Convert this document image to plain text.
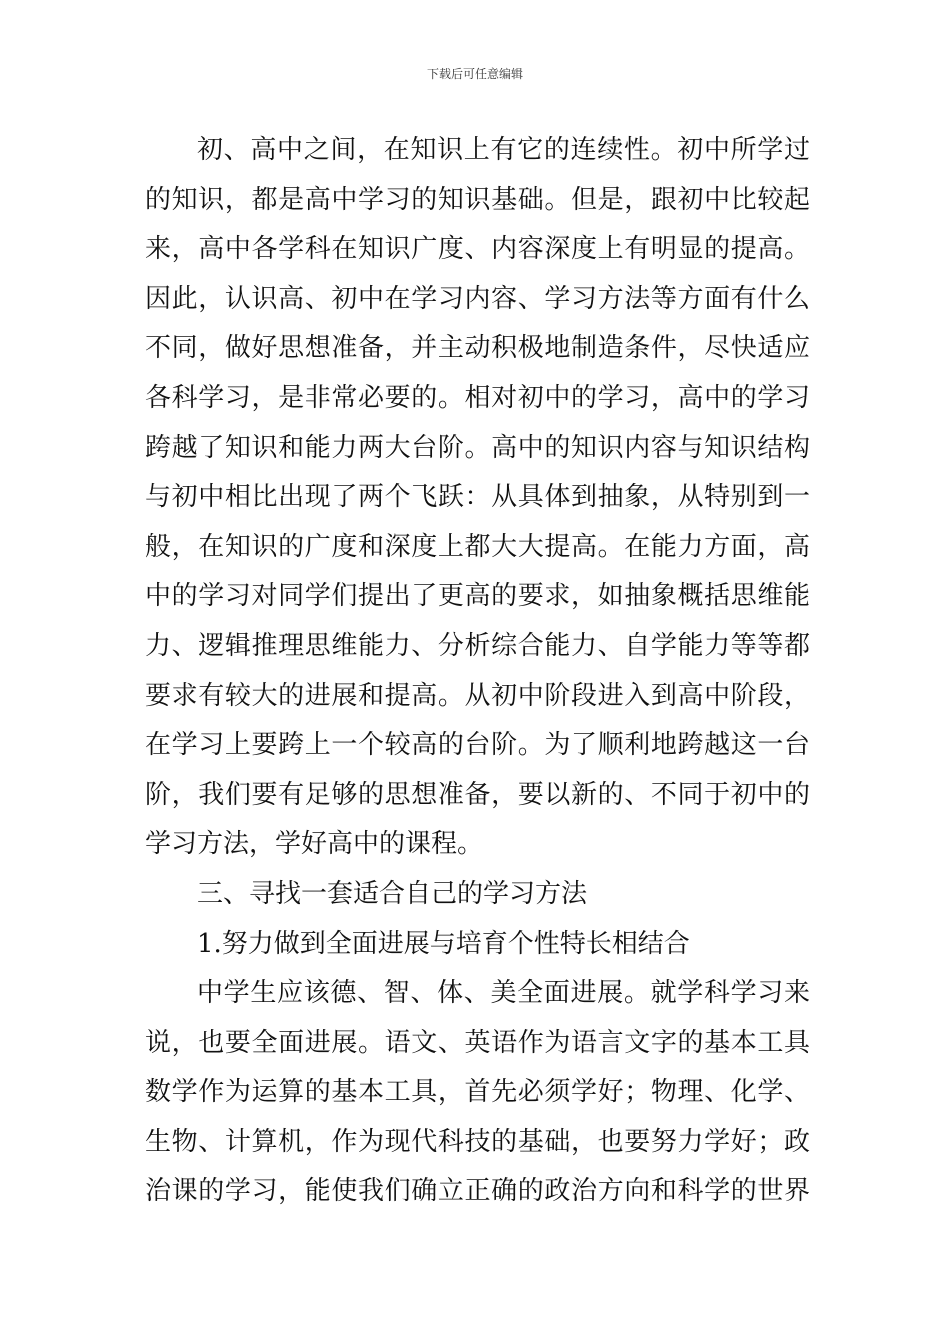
下载后可任意编辑
初、高中之间，在知识上有它的连续性。初中所学过
的知识，都是高中学习的知识基础。但是，跟初中比较起
来，高中各学科在知识广度、内容深度上有明显的提高。
因此，认识高、初中在学习内容、学习方法等方面有什么
不同，做好思想准备，并主动积极地制造条件，尽快适应
各科学习，是非常必要的。相对初中的学习，高中的学习
跨越了知识和能力两大台阶。高中的知识内容与知识结构
与初中相比出现了两个飞跃：从具体到抽象，从特别到一
般，在知识的广度和深度上都大大提高。在能力方面，高
中的学习对同学们提出了更高的要求，如抽象概括思维能
力、逻辑推理思维能力、分析综合能力、自学能力等等都
要求有较大的进展和提高。从初中阶段进入到高中阶段，
在学习上要跨上一个较高的台阶。为了顺利地跨越这一台
阶，我们要有足够的思想准备，要以新的、不同于初中的
学习方法，学好高中的课程。
三、寻找一套适合自己的学习方法
1.努力做到全面进展与培育个性特长相结合
中学生应该德、智、体、美全面进展。就学科学习来
说，也要全面进展。语文、英语作为语言文字的基本工具
数学作为运算的基本工具，首先必须学好；物理、化学、
生物、计算机，作为现代科技的基础，也要努力学好；政
治课的学习，能使我们确立正确的政治方向和科学的世界
